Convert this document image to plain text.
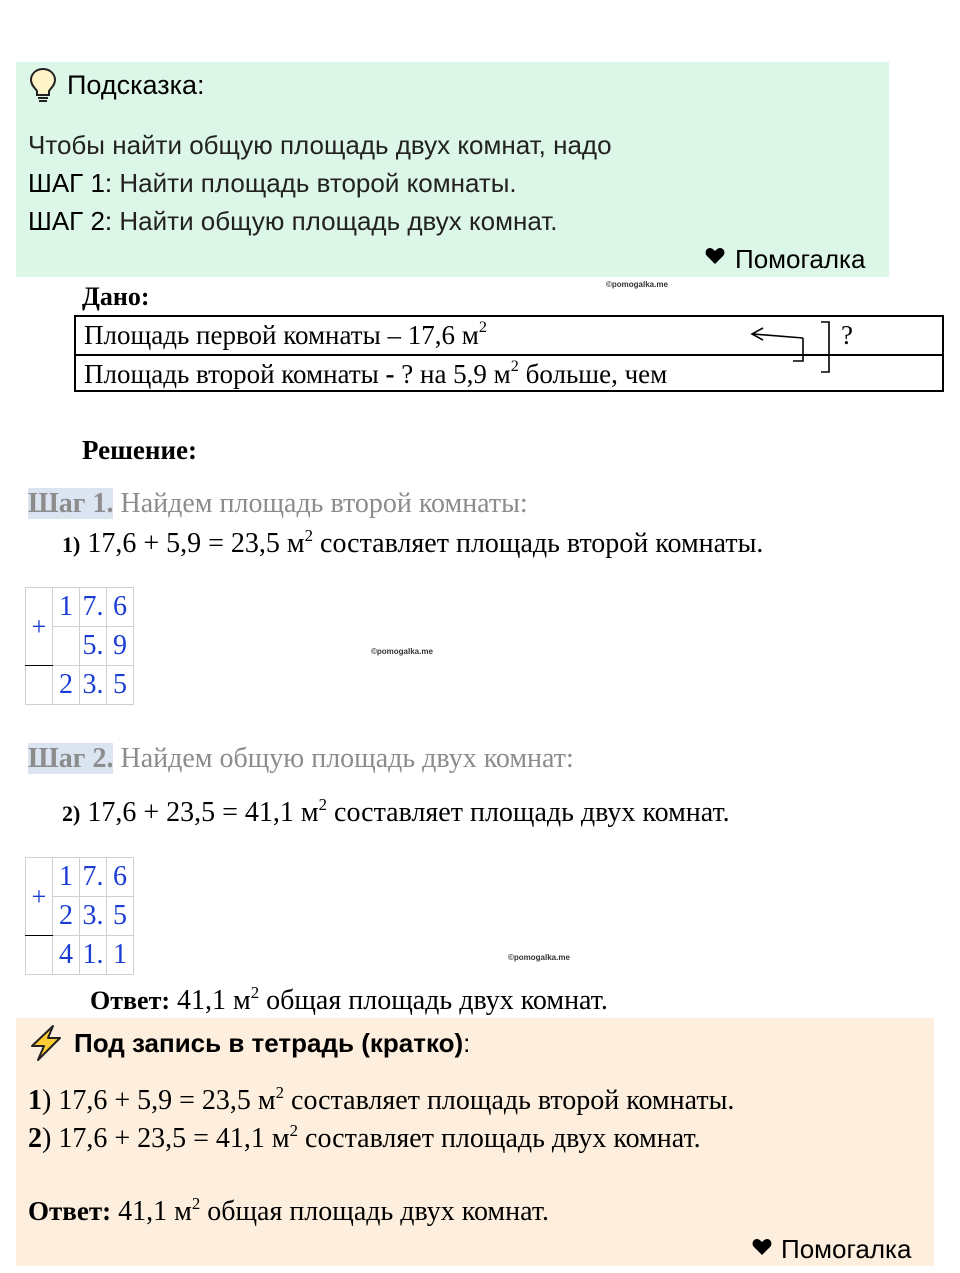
Подсказка:
Чтобы найти общую площадь двух комнат, надо
ШАГ 1: Найти площадь второй комнаты.
ШАГ 2: Найти общую площадь двух комнат.
Помогалка
Дано:	©pomogalka.me
Площадь первой комнаты – 17,6 $м^2$
Площадь второй комнаты - ? на 5,9 $м^2$ больше, чем
?
Решение:
Шаг 1. Найдем площадь второй комнаты:
1) 17,6 + 5,9 = 23,5 $м^2$ составляет площадь второй комнаты.
+	1	7.	6
		5.	9
	2	3.	5
©pomogalka.me
Шаг 2. Найдем общую площадь двух комнат:
2) 17,6 + 23,5 = 41,1 $м^2$ составляет площадь двух комнат.
+	1	7.	6
	2	3.	5
	4	1.	1	©pomogalka.me
Ответ: 41,1 $м^2$ общая площадь двух комнат.
Под запись в тетрадь (кратко):
1) 17,6 + 5,9 = 23,5 $м^2$ составляет площадь второй комнаты.
2) 17,6 + 23,5 = 41,1 $м^2$ составляет площадь двух комнат.
Ответ: 41,1 $м^2$ общая площадь двух комнат.
Помогалка
